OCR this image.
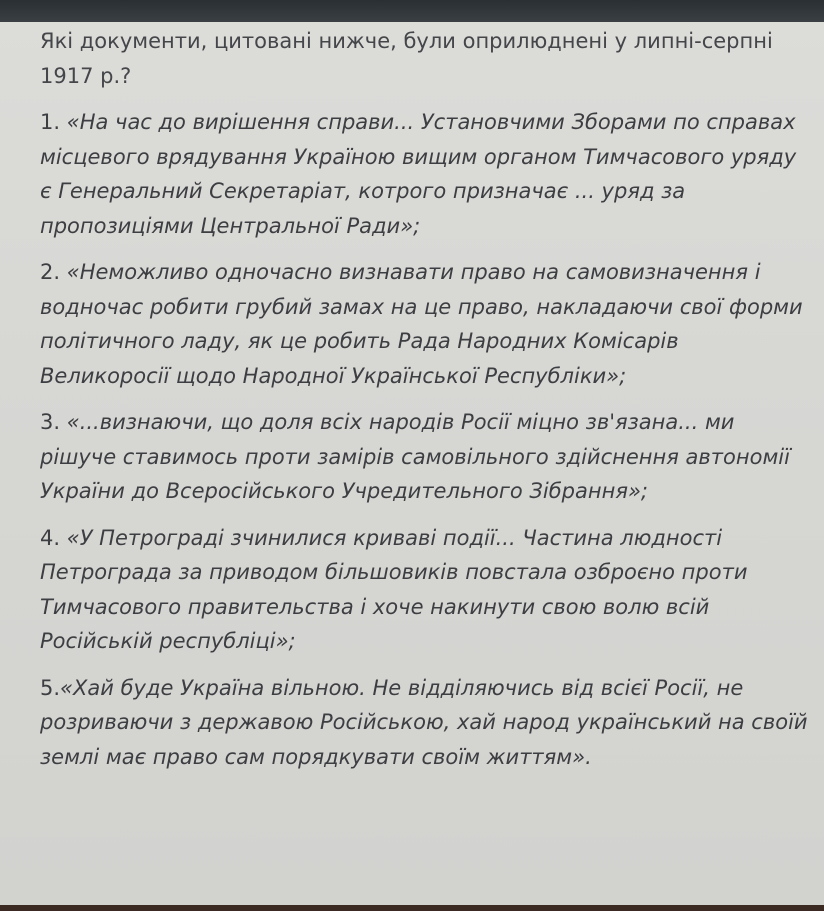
Які документи, цитовані нижче, були оприлюднені у липні-серпні 1917 р.?

1. «На час до вирішення справи... Установчими Зборами по справах місцевого врядування Україною вищим органом Тимчасового уряду є Генеральний Секретаріат, котрого призначає ... уряд за пропозиціями Центральної Ради»;

2. «Неможливо одночасно визнавати право на самовизначення і водночас робити грубий замах на це право, накладаючи свої форми політичного ладу, як це робить Рада Народних Комісарів Великоросії щодо Народної Української Республіки»;

3. «...визнаючи, що доля всіх народів Росії міцно зв'язана... ми рішуче ставимось проти замірів самовільного здійснення автономії України до Всеросійського Учредительного Зібрання»;

4. «У Петрограді зчинилися криваві події... Частина людності Петрограда за приводом більшовиків повстала озброєно проти Тимчасового правительства і хоче накинути свою волю всій Російській республіці»;

5.«Хай буде Україна вільною. Не відділяючись від всієї Росії, не розриваючи з державою Російською, хай народ український на своїй землі має право сам порядкувати своїм життям».
